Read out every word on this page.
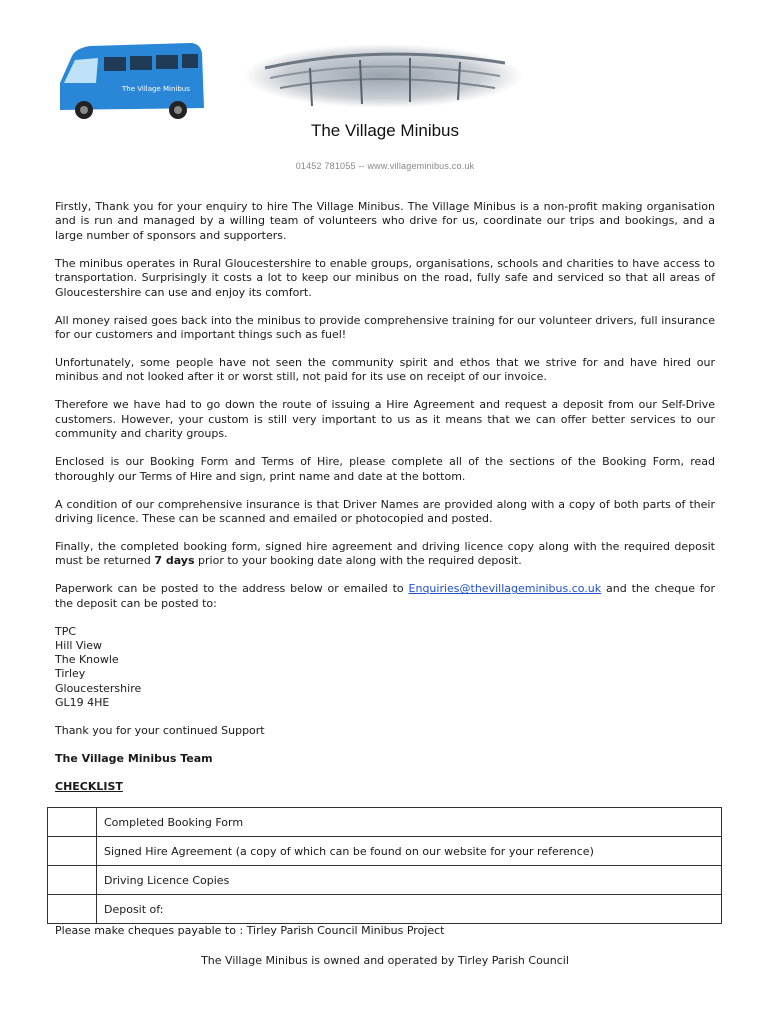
The Village Minibus
The Village Minibus
01452 781055 -- www.villageminibus.co.uk

Firstly, Thank you for your enquiry to hire The Village Minibus. The Village Minibus is a non-profit making organisation and is run and managed by a willing team of volunteers who drive for us, coordinate our trips and bookings, and a large number of sponsors and supporters.

The minibus operates in Rural Gloucestershire to enable groups, organisations, schools and charities to have access to transportation. Surprisingly it costs a lot to keep our minibus on the road, fully safe and serviced so that all areas of Gloucestershire can use and enjoy its comfort.

All money raised goes back into the minibus to provide comprehensive training for our volunteer drivers, full insurance for our customers and important things such as fuel!

Unfortunately, some people have not seen the community spirit and ethos that we strive for and have hired our minibus and not looked after it or worst still, not paid for its use on receipt of our invoice.

Therefore we have had to go down the route of issuing a Hire Agreement and request a deposit from our Self-Drive customers. However, your custom is still very important to us as it means that we can offer better services to our community and charity groups.

Enclosed is our Booking Form and Terms of Hire, please complete all of the sections of the Booking Form, read thoroughly our Terms of Hire and sign, print name and date at the bottom.

A condition of our comprehensive insurance is that Driver Names are provided along with a copy of both parts of their driving licence. These can be scanned and emailed or photocopied and posted.

Finally, the completed booking form, signed hire agreement and driving licence copy along with the required deposit must be returned 7 days prior to your booking date along with the required deposit.

Paperwork can be posted to the address below or emailed to Enquiries@thevillageminibus.co.uk and the cheque for the deposit can be posted to:

TPC
Hill View
The Knowle
Tirley
Gloucestershire
GL19 4HE

Thank you for your continued Support

The Village Minibus Team

CHECKLIST
	Completed Booking Form
	Signed Hire Agreement (a copy of which can be found on our website for your reference)
	Driving Licence Copies
	Deposit of:
Please make cheques payable to : Tirley Parish Council Minibus Project
The Village Minibus is owned and operated by Tirley Parish Council
